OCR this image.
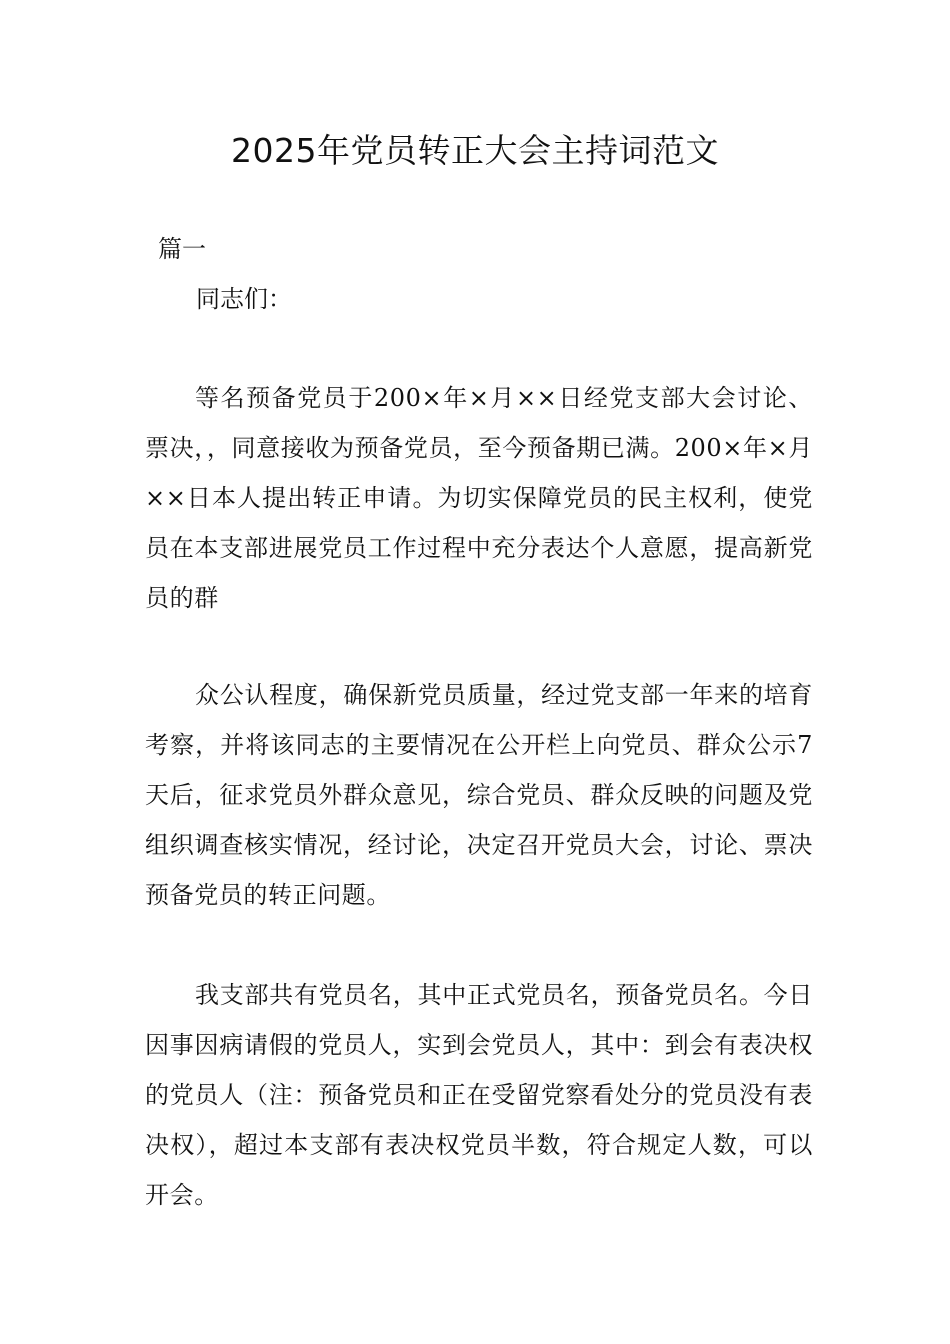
2025年党员转正大会主持词范文
篇一
同志们：

等名预备党员于200×年×月××日经党支部大会讨论、票决，，同意接收为预备党员，至今预备期已满。200×年×月××日本人提出转正申请。为切实保障党员的民主权利，使党员在本支部进展党员工作过程中充分表达个人意愿，提高新党员的群

众公认程度，确保新党员质量，经过党支部一年来的培育考察，并将该同志的主要情况在公开栏上向党员、群众公示7天后，征求党员外群众意见，综合党员、群众反映的问题及党组织调查核实情况，经讨论，决定召开党员大会，讨论、票决预备党员的转正问题。

我支部共有党员名，其中正式党员名，预备党员名。今日因事因病请假的党员人，实到会党员人，其中：到会有表决权的党员人（注：预备党员和正在受留党察看处分的党员没有表决权），超过本支部有表决权党员半数，符合规定人数，可以开会。
